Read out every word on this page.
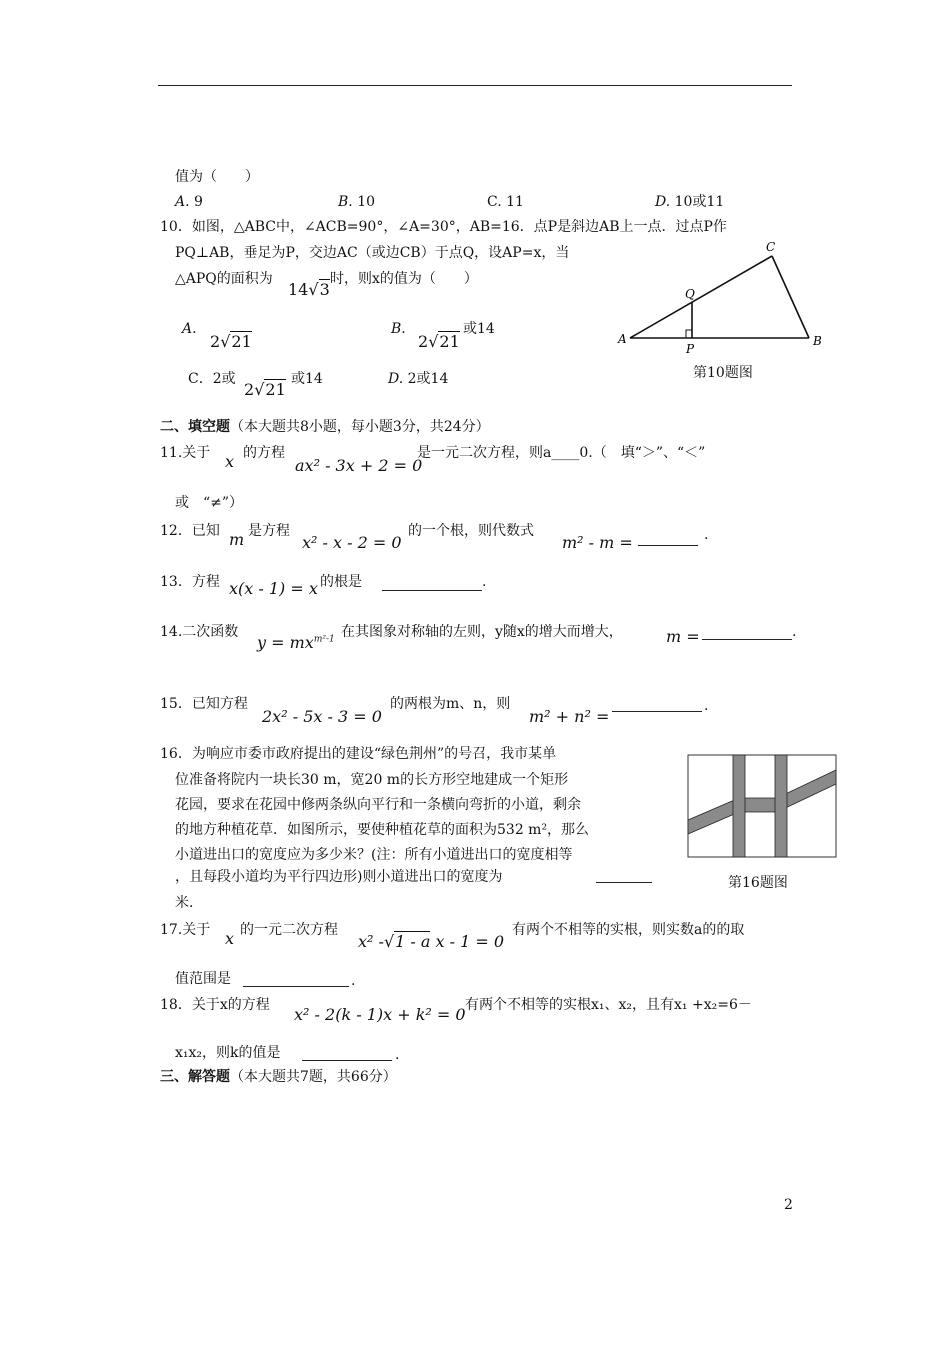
值为（　　）
A. 9	B. 10	C. 11	D. 10或11
10．如图，△ABC中，∠ACB=90°，∠A=30°，AB=16．点P是斜边AB上一点．过点P作
PQ⊥AB，垂足为P，交边AC（或边CB）于点Q，设AP=x，当
△APQ的面积为
14√3
时，则x的值为（　　）
A.
2√21
B.
2√21
或14
C．2或
2√21
或14	D. 2或14
A	B
C
Q
P
第10题图
二、填空题（本大题共8小题，每小题3分，共24分）
11.关于 x 的方程
ax² - 3x + 2 = 0
是一元二次方程，则a____0.（　填“＞”、“＜”
或　“≠”）
12．已知 m 是方程
x² - x - 2 = 0
的一个根，则代数式
m² - m =	.
13．方程 x(x - 1) = x 的根是	.
14.二次函数
$y = mx^{m^2-1}$ 在其图象对称轴的左则，y随x的增大而增大，	m =	.
15．已知方程
2x² - 5x - 3 = 0
的两根为m、n，则
m² + n² =
.
16．为响应市委市政府提出的建设“绿色荆州”的号召，我市某单
位准备将院内一块长30 m，宽20 m的长方形空地建成一个矩形
花园，要求在花园中修两条纵向平行和一条横向弯折的小道，剩余
的地方种植花草．如图所示，要使种植花草的面积为532 m²，那么
小道进出口的宽度应为多少米？(注：所有小道进出口的宽度相等
，且每段小道均为平行四边形)则小道进出口的宽度为
米.
第16题图
17.关于 x 的一元二次方程
x² -√1 - a x - 1 = 0
有两个不相等的实根，则实数a的的取
值范围是	.
18．关于x的方程 x² - 2(k - 1)x + k² = 0 有两个不相等的实根x₁、x₂，且有x₁ +x₂=6－
x₁x₂，则k的值是	.
三、解答题（本大题共7题，共66分）
2
